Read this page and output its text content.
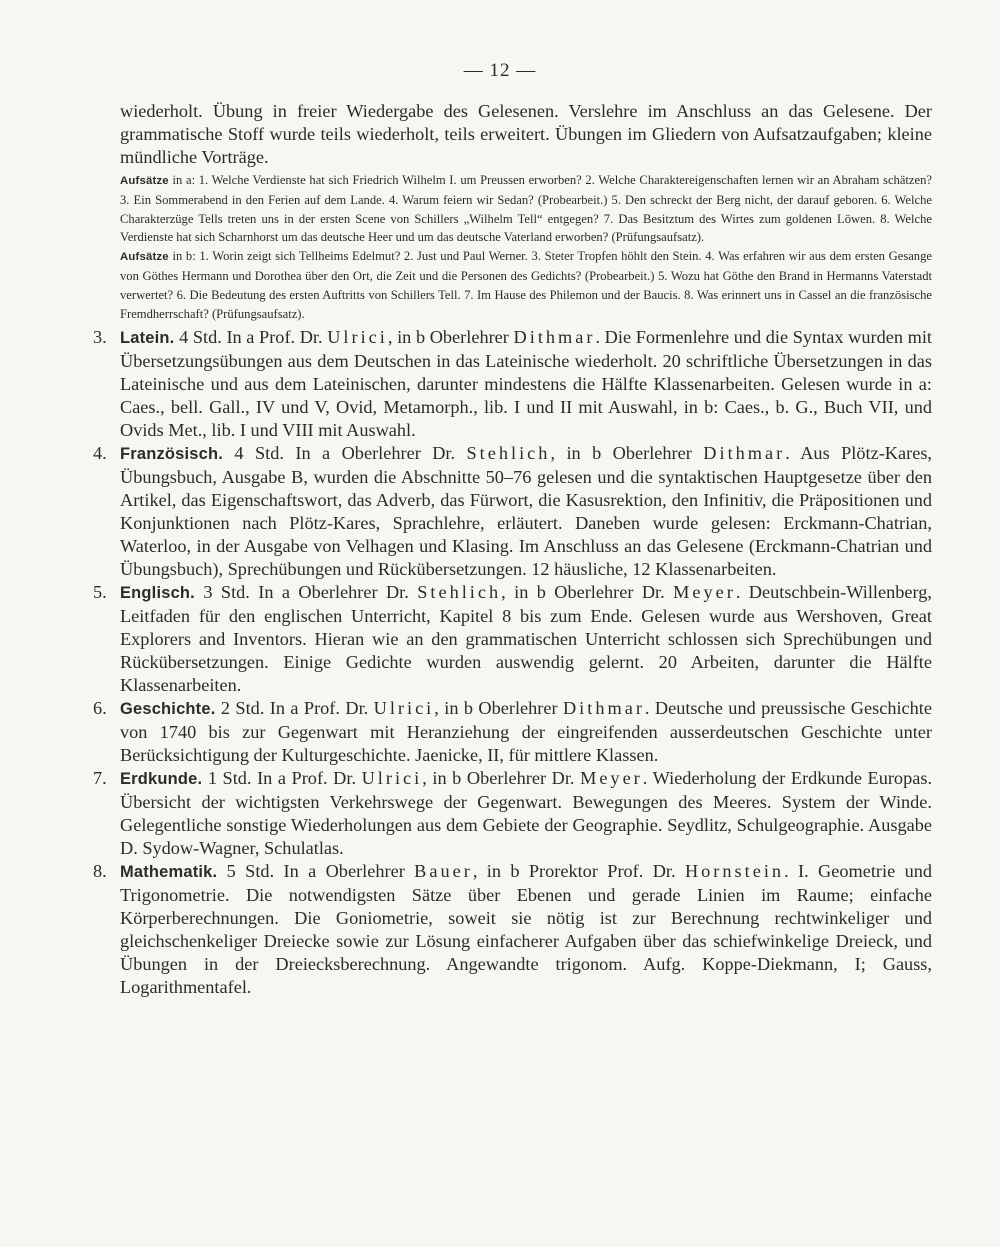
— 12 —

wiederholt. Übung in freier Wiedergabe des Gelesenen. Verslehre im Anschluss an das Gelesene. Der grammatische Stoff wurde teils wiederholt, teils erweitert. Übungen im Gliedern von Aufsatzaufgaben; kleine mündliche Vorträge.

Aufsätze in a: 1. Welche Verdienste hat sich Friedrich Wilhelm I. um Preussen erworben? 2. Welche Charaktereigenschaften lernen wir an Abraham schätzen? 3. Ein Sommerabend in den Ferien auf dem Lande. 4. Warum feiern wir Sedan? (Probearbeit.) 5. Den schreckt der Berg nicht, der darauf geboren. 6. Welche Charakterzüge Tells treten uns in der ersten Scene von Schillers „Wilhelm Tell“ entgegen? 7. Das Besitztum des Wirtes zum goldenen Löwen. 8. Welche Verdienste hat sich Scharnhorst um das deutsche Heer und um das deutsche Vaterland erworben? (Prüfungsaufsatz).

Aufsätze in b: 1. Worin zeigt sich Tellheims Edelmut? 2. Just und Paul Werner. 3. Steter Tropfen höhlt den Stein. 4. Was erfahren wir aus dem ersten Gesange von Göthes Hermann und Dorothea über den Ort, die Zeit und die Personen des Gedichts? (Probearbeit.) 5. Wozu hat Göthe den Brand in Hermanns Vaterstadt verwertet? 6. Die Bedeutung des ersten Auftritts von Schillers Tell. 7. Im Hause des Philemon und der Baucis. 8. Was erinnert uns in Cassel an die französische Fremdherrschaft? (Prüfungsaufsatz).

3. Latein. 4 Std. In a Prof. Dr. Ulrici, in b Oberlehrer Dithmar. Die Formenlehre und die Syntax wurden mit Übersetzungsübungen aus dem Deutschen in das Lateinische wiederholt. 20 schriftliche Übersetzungen in das Lateinische und aus dem Lateinischen, darunter mindestens die Hälfte Klassenarbeiten. Gelesen wurde in a: Caes., bell. Gall., IV und V, Ovid, Metamorph., lib. I und II mit Auswahl, in b: Caes., b. G., Buch VII, und Ovids Met., lib. I und VIII mit Auswahl.
4. Französisch. 4 Std. In a Oberlehrer Dr. Stehlich, in b Oberlehrer Dithmar. Aus Plötz-Kares, Übungsbuch, Ausgabe B, wurden die Abschnitte 50–76 gelesen und die syntaktischen Hauptgesetze über den Artikel, das Eigenschaftswort, das Adverb, das Fürwort, die Kasusrektion, den Infinitiv, die Präpositionen und Konjunktionen nach Plötz-Kares, Sprachlehre, erläutert. Daneben wurde gelesen: Erckmann-Chatrian, Waterloo, in der Ausgabe von Velhagen und Klasing. Im Anschluss an das Gelesene (Erckmann-Chatrian und Übungsbuch), Sprechübungen und Rückübersetzungen. 12 häusliche, 12 Klassenarbeiten.
5. Englisch. 3 Std. In a Oberlehrer Dr. Stehlich, in b Oberlehrer Dr. Meyer. Deutschbein-Willenberg, Leitfaden für den englischen Unterricht, Kapitel 8 bis zum Ende. Gelesen wurde aus Wershoven, Great Explorers and Inventors. Hieran wie an den grammatischen Unterricht schlossen sich Sprechübungen und Rückübersetzungen. Einige Gedichte wurden auswendig gelernt. 20 Arbeiten, darunter die Hälfte Klassenarbeiten.
6. Geschichte. 2 Std. In a Prof. Dr. Ulrici, in b Oberlehrer Dithmar. Deutsche und preussische Geschichte von 1740 bis zur Gegenwart mit Heranziehung der eingreifenden ausserdeutschen Geschichte unter Berücksichtigung der Kulturgeschichte. Jaenicke, II, für mittlere Klassen.
7. Erdkunde. 1 Std. In a Prof. Dr. Ulrici, in b Oberlehrer Dr. Meyer. Wiederholung der Erdkunde Europas. Übersicht der wichtigsten Verkehrswege der Gegenwart. Bewegungen des Meeres. System der Winde. Gelegentliche sonstige Wiederholungen aus dem Gebiete der Geographie. Seydlitz, Schulgeographie. Ausgabe D. Sydow-Wagner, Schulatlas.
8. Mathematik. 5 Std. In a Oberlehrer Bauer, in b Prorektor Prof. Dr. Hornstein. I. Geometrie und Trigonometrie. Die notwendigsten Sätze über Ebenen und gerade Linien im Raume; einfache Körperberechnungen. Die Goniometrie, soweit sie nötig ist zur Berechnung rechtwinkeliger und gleichschenkeliger Dreiecke sowie zur Lösung einfacherer Aufgaben über das schiefwinkelige Dreieck, und Übungen in der Dreiecksberechnung. Angewandte trigonom. Aufg. Koppe-Diekmann, I; Gauss, Logarithmentafel.
